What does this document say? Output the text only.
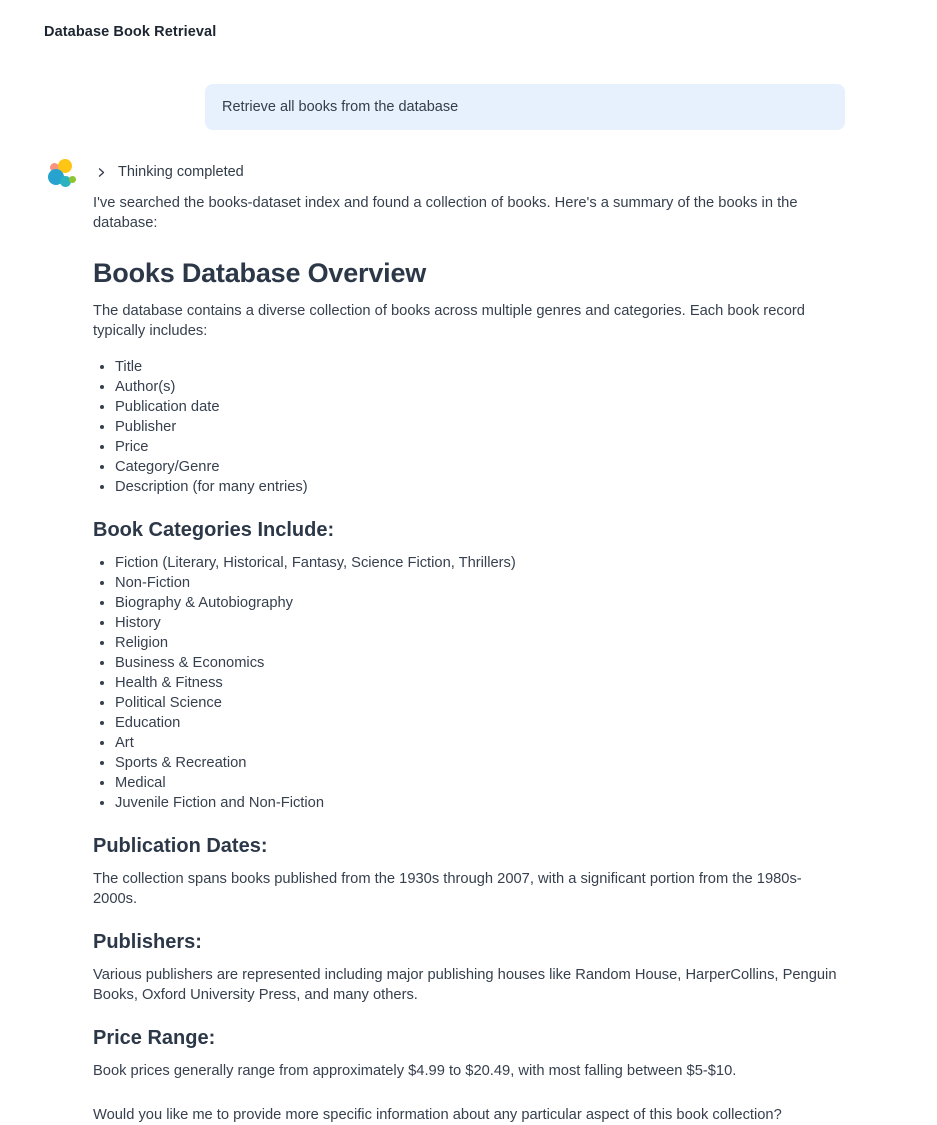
Database Book Retrieval
Retrieve all books from the database
Thinking completed

I've searched the books-dataset index and found a collection of books. Here's a summary of the books in the database:

Books Database Overview

The database contains a diverse collection of books across multiple genres and categories. Each book record typically includes:

• Title
• Author(s)
• Publication date
• Publisher
• Price
• Category/Genre
• Description (for many entries)
Book Categories Include:
• Fiction (Literary, Historical, Fantasy, Science Fiction, Thrillers)
• Non-Fiction
• Biography & Autobiography
• History
• Religion
• Business & Economics
• Health & Fitness
• Political Science
• Education
• Art
• Sports & Recreation
• Medical
• Juvenile Fiction and Non-Fiction
Publication Dates:

The collection spans books published from the 1930s through 2007, with a significant portion from the 1980s-2000s.

Publishers:

Various publishers are represented including major publishing houses like Random House, HarperCollins, Penguin Books, Oxford University Press, and many others.

Price Range:

Book prices generally range from approximately $4.99 to $20.49, with most falling between $5-$10.

Would you like me to provide more specific information about any particular aspect of this book collection?
